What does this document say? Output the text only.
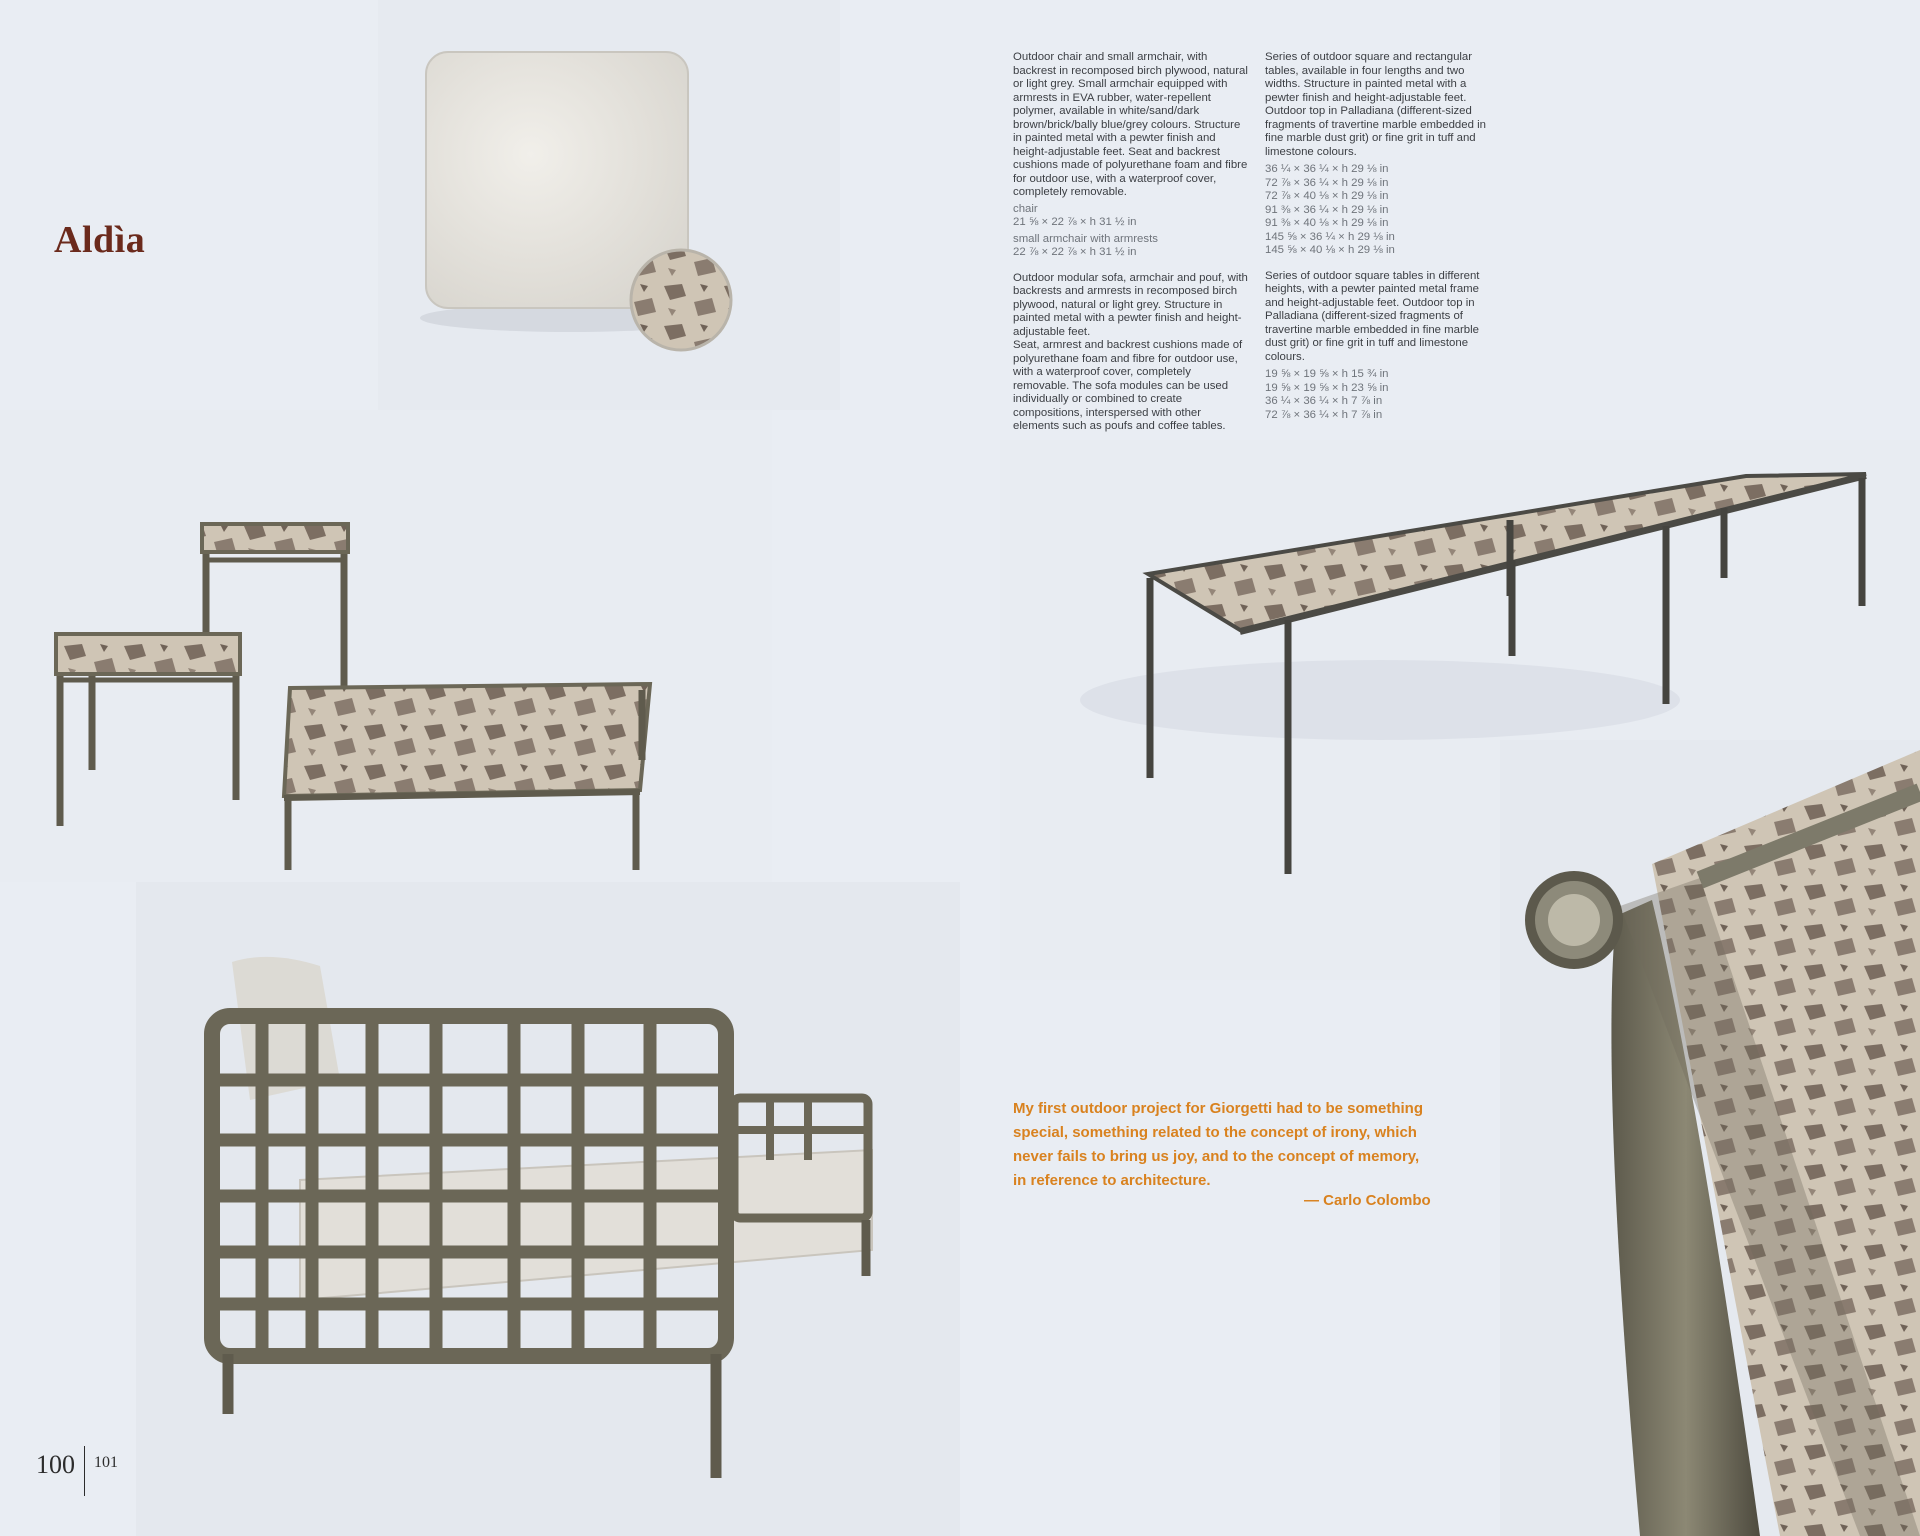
Aldìa

Outdoor chair and small armchair, with backrest in recomposed birch plywood, natural or light grey. Small armchair equipped with armrests in EVA rubber, water-repellent polymer, available in white/sand/dark brown/brick/bally blue/grey colours. Structure in painted metal with a pewter finish and height-adjustable feet. Seat and backrest cushions made of polyurethane foam and fibre for outdoor use, with a waterproof cover, completely removable.

chair

21 ⅝ × 22 ⅞ × h 31 ½ in

small armchair with armrests

22 ⅞ × 22 ⅞ × h 31 ½ in

Outdoor modular sofa, armchair and pouf, with backrests and armrests in recomposed birch plywood, natural or light grey. Structure in painted metal with a pewter finish and height-adjustable feet.

Seat, armrest and backrest cushions made of polyurethane foam and fibre for outdoor use, with a waterproof cover, completely removable. The sofa modules can be used individually or combined to create compositions, interspersed with other elements such as poufs and coffee tables.

Series of outdoor square and rectangular tables, available in four lengths and two widths. Structure in painted metal with a pewter finish and height-adjustable feet. Outdoor top in Palladiana (different-sized fragments of travertine marble embedded in fine marble dust grit) or fine grit in tuff and limestone colours.

36 ¼ × 36 ¼ × h 29 ⅛ in

72 ⅞ × 36 ¼ × h 29 ⅛ in

72 ⅞ × 40 ⅛ × h 29 ⅛ in

91 ⅜ × 36 ¼ × h 29 ⅛ in

91 ⅜ × 40 ⅛ × h 29 ⅛ in

145 ⅝ × 36 ¼ × h 29 ⅛ in

145 ⅝ × 40 ⅛ × h 29 ⅛ in

Series of outdoor square tables in different heights, with a pewter painted metal frame and height-adjustable feet. Outdoor top in Palladiana (different-sized fragments of travertine marble embedded in fine marble dust grit) or fine grit in tuff and limestone colours.

19 ⅝ × 19 ⅝ × h 15 ¾ in

19 ⅝ × 19 ⅝ × h 23 ⅝ in

36 ¼ × 36 ¼ × h 7 ⅞ in

72 ⅞ × 36 ¼ × h 7 ⅞ in

My first outdoor project for Giorgetti had to be something special, something related to the concept of irony, which never fails to bring us joy, and to the concept of memory, in reference to architecture.

— Carlo Colombo

100 101
